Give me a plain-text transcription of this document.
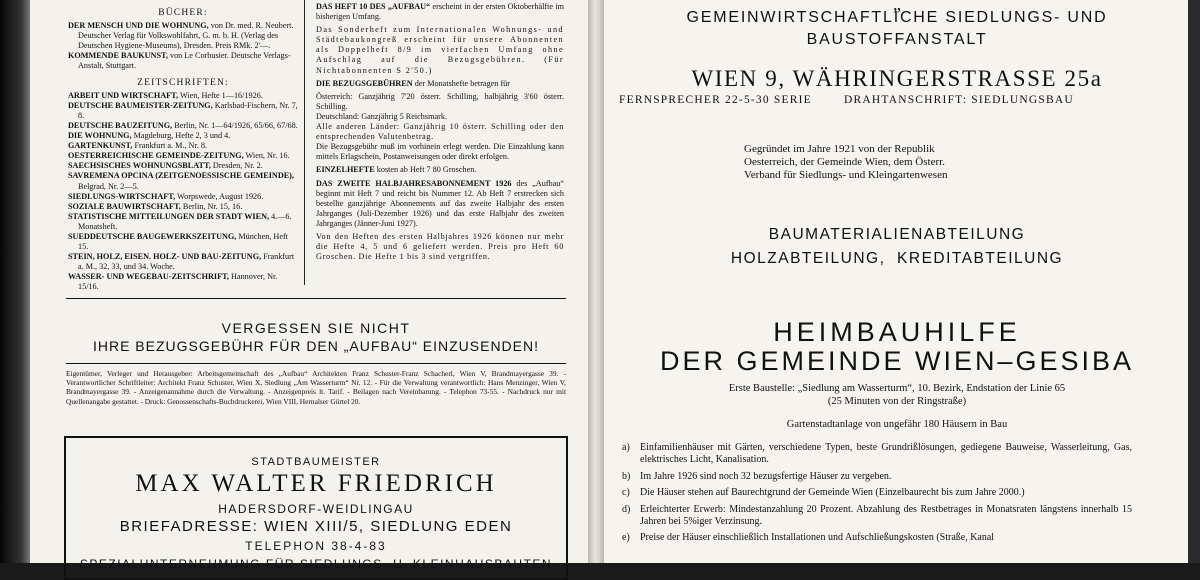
BÜCHER:

DER MENSCH UND DIE WOHNUNG, von Dr. med. R. Neubert. Deutscher Verlag für Volkswohlfahrt, G. m. b. H. (Verlag des Deutschen Hygiene-Museums), Dresden. Preis RMk. 2'—.

KOMMENDE BAUKUNST, von Le Corbusier. Deutsche Verlags-Anstalt, Stuttgart.

ZEITSCHRIFTEN:

ARBEIT UND WIRTSCHAFT, Wien, Hefte 1—16/1926.

DEUTSCHE BAUMEISTER-ZEITUNG, Karlsbad-Fischern, Nr. 7, 8.

DEUTSCHE BAUZEITUNG, Berlin, Nr. 1—64/1926, 65/66, 67/68.

DIE WOHNUNG, Magdeburg, Hefte 2, 3 und 4.

GARTENKUNST, Frankfurt a. M., Nr. 8.

OESTERREICHISCHE GEMEINDE-ZEITUNG, Wien, Nr. 16.

SAECHSISCHES WOHNUNGSBLATT, Dresden, Nr. 2.

SAVREMENA OPCINA (ZEITGENOESSISCHE GEMEINDE), Belgrad, Nr. 2—5.

SIEDLUNGS-WIRTSCHAFT, Worpswede, August 1926.

SOZIALE BAUWIRTSCHAFT, Berlin, Nr. 15, 16.

STATISTISCHE MITTEILUNGEN DER STADT WIEN, 4.—6. Monatsheft.

SUEDDEUTSCHE BAUGEWERKSZEITUNG, München, Heft 15.

STEIN, HOLZ, EISEN. HOLZ- UND BAU-ZEITUNG, Frankfurt a. M., 32, 33, und 34. Woche.

WASSER- UND WEGEBAU-ZEITSCHRIFT, Hannover, Nr. 15/16.

DAS HEFT 10 DES „AUFBAU“ erscheint in der ersten Oktoberhälfte im bisherigen Umfang.

Das Sonderheft zum Internationalen Wohnungs- und Städtebaukongreß erscheint für unsere Abonnenten als Doppelheft 8/9 im vierfachen Umfang ohne Aufschlag auf die Bezugsgebühren. (Für Nichtabonnenten S 2'50.)

DIE BEZUGSGEBÜHREN der Monatshefte betragen für

Österreich: Ganzjährig 7'20 österr. Schilling, halbjährig 3'60 österr. Schilling.

Deutschland: Ganzjährig 5 Reichsmark.

Alle anderen Länder: Ganzjährig 10 österr. Schilling oder den entsprechenden Valutenbetrag.

Die Bezugsgebühr muß im vorhinein erlegt werden. Die Einzahlung kann mittels Erlagschein, Postanweisungen oder direkt erfolgen.

EINZELHEFTE kosten ab Heft 7 80 Groschen.

DAS ZWEITE HALBJAHRESABONNEMENT 1926 des „Aufbau“ beginnt mit Heft 7 und reicht bis Nummer 12. Ab Heft 7 erstrecken sich bestellte ganzjährige Abonnements auf das zweite Halbjahr des ersten Jahrganges (Juli-Dezember 1926) und das erste Halbjahr des zweiten Jahrganges (Jänner-Juni 1927).

Von den Heften des ersten Halbjahres 1926 können nur mehr die Hefte 4, 5 und 6 geliefert werden. Preis pro Heft 60 Groschen. Die Hefte 1 bis 3 sind vergriffen.

VERGESSEN SIE NICHT
IHRE BEZUGSGEBÜHR FÜR DEN „AUFBAU“ EINZUSENDEN!

Eigentümer, Verleger und Herausgeber: Arbeitsgemeinschaft des „Aufbau“ Architekten Franz Schuster-Franz Schacherl, Wien V, Brandmayergasse 39. - Verantwortlicher Schriftleiter: Architekt Franz Schuster, Wien X, Siedlung „Am Wasserturm“ Nr. 12. - Für die Verwaltung verantwortlich: Hans Menzinger, Wien V, Brandmayergasse 39. - Anzeigenannahme durch die Verwaltung. - Anzeigenpreis lt. Tarif. - Beilagen nach Vereinbarung. - Telephon 73-55. - Nachdruck nur mit Quellenangabe gestattet. - Druck: Genossenschafts-Buchdruckerei, Wien VIII, Hernalser Gürtel 20.

STADTBAUMEISTER
MAX WALTER FRIEDRICH
HADERSDORF-WEIDLINGAU
BRIEFADRESSE: WIEN XIII/5, SIEDLUNG EDEN
TELEPHON 38-4-83
SPEZIALUNTERNEHMUNG FÜR SIEDLUNGS- U. KLEINHAUSBAUTEN
„
GEMEINWIRTSCHAFTLICHE SIEDLUNGS- UND
BAUSTOFFANSTALT
WIEN 9, WÄHRINGERSTRASSE 25a
FERNSPRECHER 22-5-30 SERIE	DRAHTANSCHRIFT: SIEDLUNGSBAU

Gegründet im Jahre 1921 von der Republik

Oesterreich, der Gemeinde Wien, dem Österr.

Verband für Siedlungs- und Kleingartenwesen

BAUMATERIALIENABTEILUNG
HOLZABTEILUNG,  KREDITABTEILUNG
HEIMBAUHILFE
DER GEMEINDE WIEN–GESIBA
Erste Baustelle: „Siedlung am Wasserturm“, 10. Bezirk, Endstation der Linie 65
(25 Minuten von der Ringstraße)
Gartenstadtanlage von ungefähr 180 Häusern in Bau
a)	Einfamilienhäuser mit Gärten, verschiedene Typen, beste Grundrißlösungen, gediegene Bauweise, Wasserleitung, Gas, elektrisches Licht, Kanalisation.
b) Im Jahre 1926 sind noch 32 bezugsfertige Häuser zu vergeben.
c)	Die Häuser stehen auf Baurechtgrund der Gemeinde Wien (Einzelbaurecht bis zum Jahre 2000.)
d) Erleichterter Erwerb: Mindestanzahlung 20 Prozent. Abzahlung des Restbetrages in Monatsraten längstens innerhalb 15 Jahren bei 5%iger Verzinsung.
e)	Preise der Häuser einschließlich Installationen und Aufschließungskosten (Straße, Kanal
